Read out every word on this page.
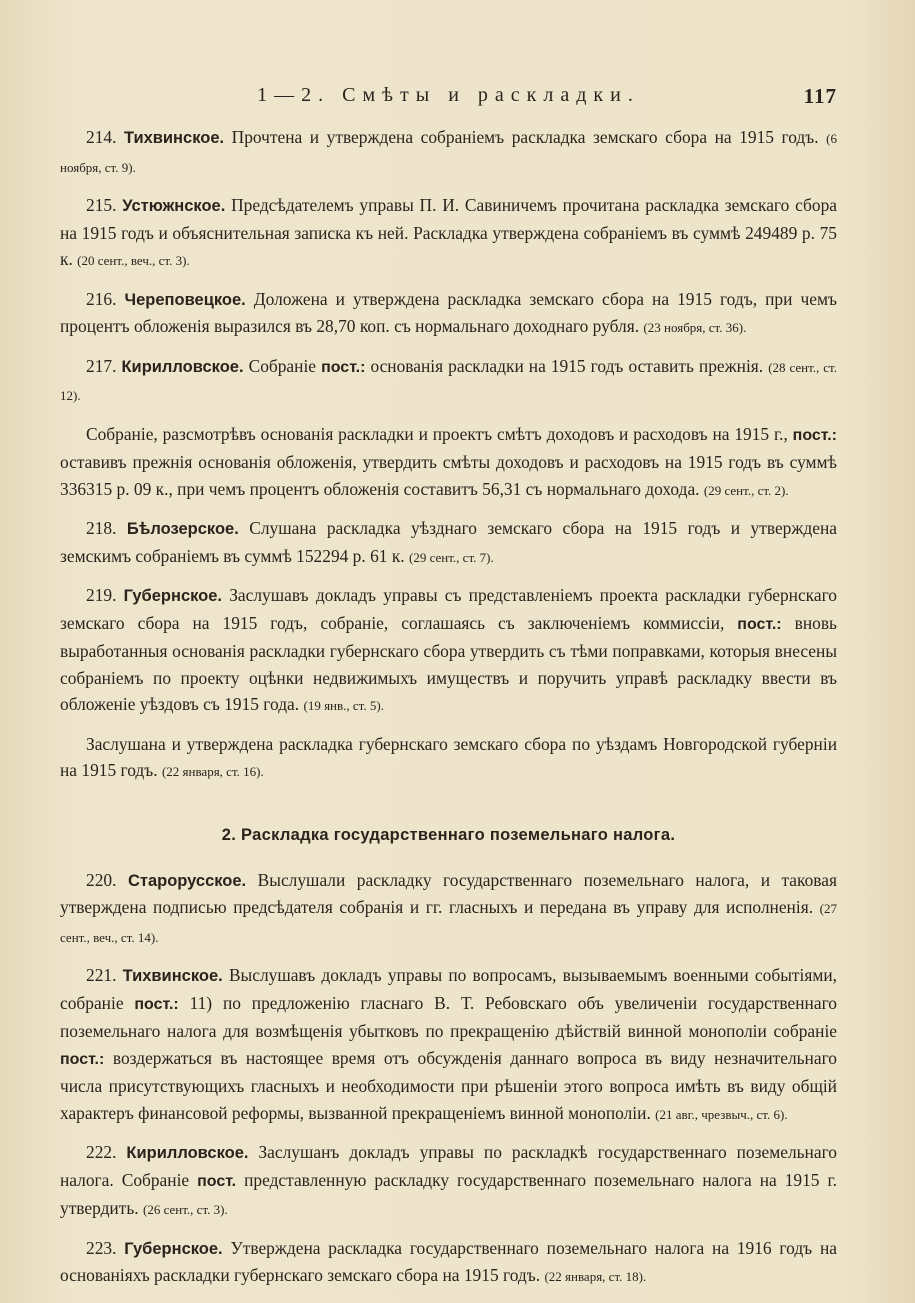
1—2. Смѣты и раскладки.	117

214. Тихвинское. Прочтена и утверждена собраніемъ раскладка земскаго сбора на 1915 годъ. (6 ноября, ст. 9).

215. Устюжнское. Предсѣдателемъ управы П. И. Савиничемъ прочитана раскладка земскаго сбора на 1915 годъ и объяснительная записка къ ней. Раскладка утверждена собраніемъ въ суммѣ 249489 р. 75 к. (20 сент., веч., ст. 3).

216. Череповецкое. Доложена и утверждена раскладка земскаго сбора на 1915 годъ, при чемъ процентъ обложенія выразился въ 28,70 коп. съ нормальнаго доходнаго рубля. (23 ноября, ст. 36).

217. Кирилловское. Собраніе пост.: основанія раскладки на 1915 годъ оставить прежнія. (28 сент., ст. 12).

Собраніе, разсмотрѣвъ основанія раскладки и проектъ смѣтъ доходовъ и расходовъ на 1915 г., пост.: оставивъ прежнія основанія обложенія, утвердить смѣты доходовъ и расходовъ на 1915 годъ въ суммѣ 336315 р. 09 к., при чемъ процентъ обложенія составитъ 56,31 съ нормальнаго дохода. (29 сент., ст. 2).

218. Бѣлозерское. Слушана раскладка уѣзднаго земскаго сбора на 1915 годъ и утверждена земскимъ собраніемъ въ суммѣ 152294 р. 61 к. (29 сент., ст. 7).

219. Губернское. Заслушавъ докладъ управы съ представленіемъ проекта раскладки губернскаго земскаго сбора на 1915 годъ, собраніе, соглашаясь съ заключеніемъ коммиссіи, пост.: вновь выработанныя основанія раскладки губернскаго сбора утвердить съ тѣми поправками, которыя внесены собраніемъ по проекту оцѣнки недвижимыхъ имуществъ и поручить управѣ раскладку ввести въ обложеніе уѣздовъ съ 1915 года. (19 янв., ст. 5).

Заслушана и утверждена раскладка губернскаго земскаго сбора по уѣздамъ Новгородской губерніи на 1915 годъ. (22 января, ст. 16).

2. Раскладка государственнаго поземельнаго налога.

220. Старорусское. Выслушали раскладку государственнаго поземельнаго налога, и таковая утверждена подписью предсѣдателя собранія и гг. гласныхъ и передана въ управу для исполненія. (27 сент., веч., ст. 14).

221. Тихвинское. Выслушавъ докладъ управы по вопросамъ, вызываемымъ военными событіями, собраніе пост.: 11) по предложенію гласнаго В. Т. Ребовскаго объ увеличеніи государственнаго поземельнаго налога для возмѣщенія убытковъ по прекращенію дѣйствій винной монополіи собраніе пост.: воздержаться въ настоящее время отъ обсужденія даннаго вопроса въ виду незначительнаго числа присутствующихъ гласныхъ и необходимости при рѣшеніи этого вопроса имѣть въ виду общій характеръ финансовой реформы, вызванной прекращеніемъ винной монополіи. (21 авг., чрезвыч., ст. 6).

222. Кирилловское. Заслушанъ докладъ управы по раскладкѣ государственнаго поземельнаго налога. Собраніе пост. представленную раскладку государственнаго поземельнаго налога на 1915 г. утвердить. (26 сент., ст. 3).

223. Губернское. Утверждена раскладка государственнаго поземельнаго налога на 1916 годъ на основаніяхъ раскладки губернскаго земскаго сбора на 1915 годъ. (22 января, ст. 18).
